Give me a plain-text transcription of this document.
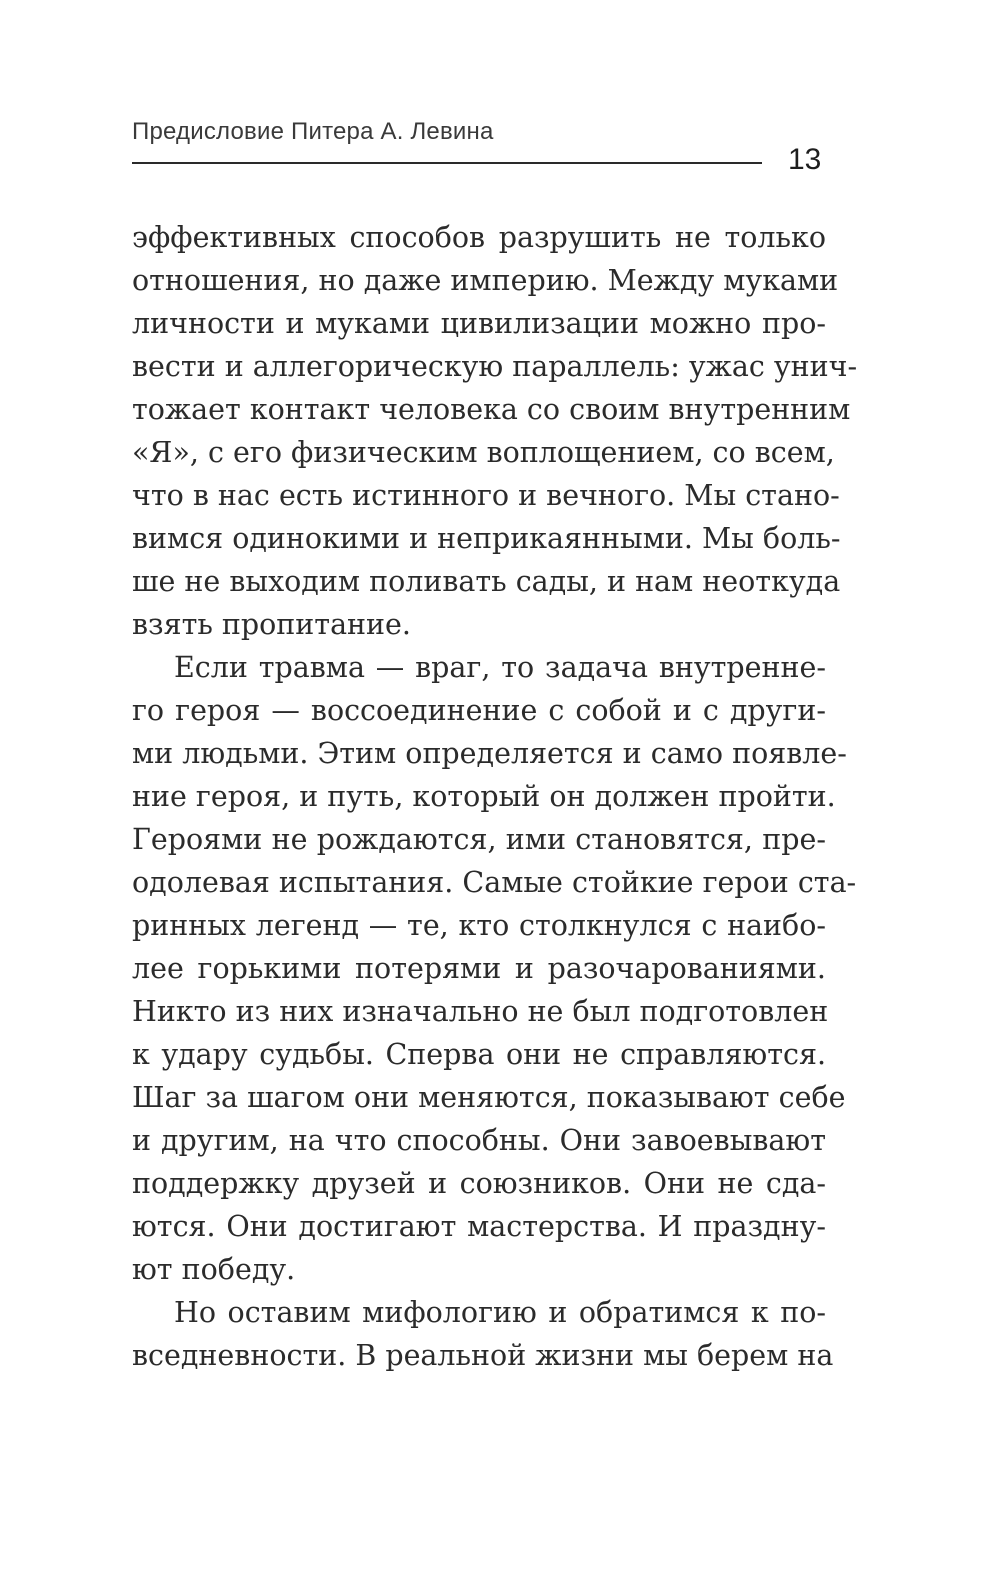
Предисловие Питера А. Левина
13

эффективных способов разрушить не только
отношения, но даже империю. Между муками
личности и муками цивилизации можно про-
вести и аллегорическую параллель: ужас унич-
тожает контакт человека со своим внутренним
«Я», с его физическим воплощением, со всем,
что в нас есть истинного и вечного. Мы стано-
вимся одинокими и неприкаянными. Мы боль-
ше не выходим поливать сады, и нам неоткуда
взять пропитание.

Если травма — враг, то задача внутренне-
го героя — воссоединение с собой и с други-
ми людьми. Этим определяется и само появле-
ние героя, и путь, который он должен пройти.
Героями не рождаются, ими становятся, пре-
одолевая испытания. Самые стойкие герои ста-
ринных легенд — те, кто столкнулся с наибо-
лее горькими потерями и разочарованиями.
Никто из них изначально не был подготовлен
к удару судьбы. Сперва они не справляются.
Шаг за шагом они меняются, показывают себе
и другим, на что способны. Они завоевывают
поддержку друзей и союзников. Они не сда-
ются. Они достигают мастерства. И праздну-
ют победу.

Но оставим мифологию и обратимся к по-
вседневности. В реальной жизни мы берем на
